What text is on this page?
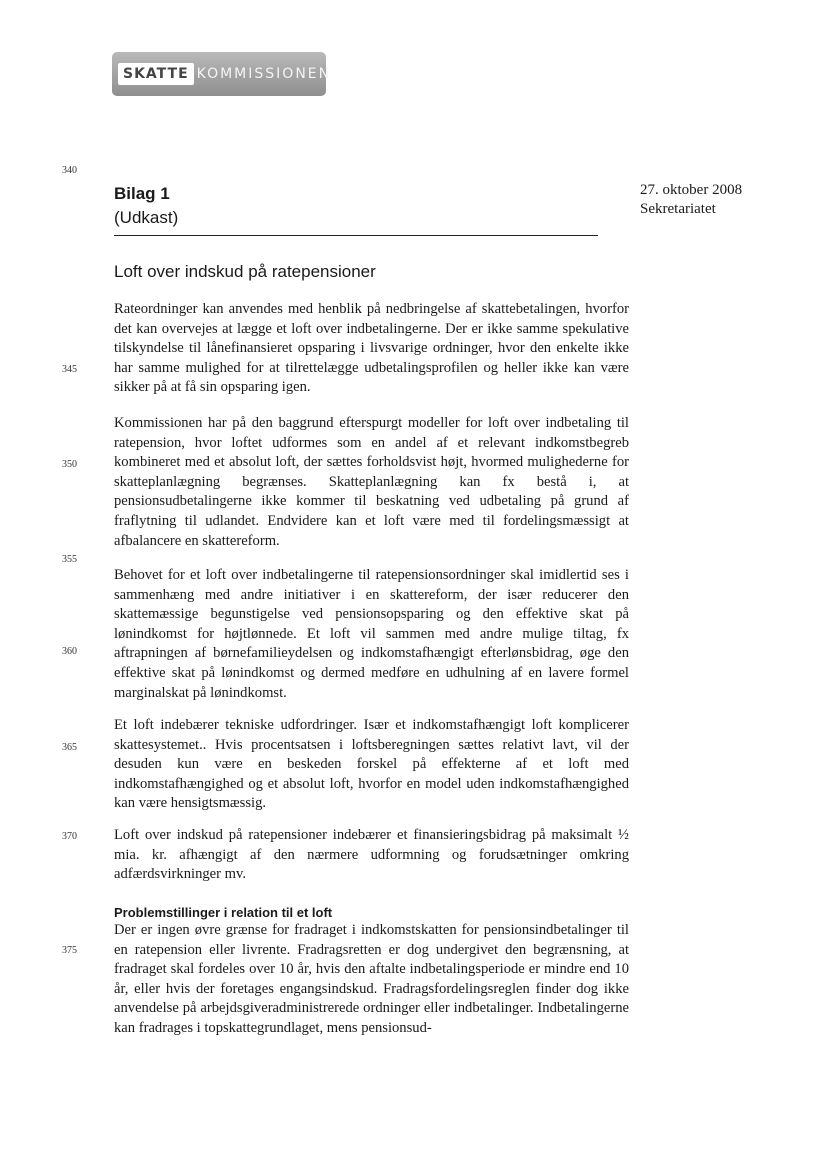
SKATTE KOMMISSIONEN
340
345
350
355
360
365
370
375
Bilag 1
(Udkast)
27. oktober 2008
Sekretariatet
Loft over indskud på ratepensioner

Rateordninger kan anvendes med henblik på nedbringelse af skattebetalingen, hvorfor det kan overvejes at lægge et loft over indbetalingerne. Der er ikke samme spekulative tilskyndelse til lånefinansieret opsparing i livsvarige ordninger, hvor den enkelte ikke har samme mulighed for at tilrettelægge udbetalingsprofilen og heller ikke kan være sikker på at få sin opsparing igen.

Kommissionen har på den baggrund efterspurgt modeller for loft over indbetaling til ratepension, hvor loftet udformes som en andel af et relevant indkomstbegreb kombineret med et absolut loft, der sættes forholdsvist højt, hvormed mulighederne for skatteplanlægning begrænses. Skatteplanlægning kan fx bestå i, at pensionsudbetalingerne ikke kommer til beskatning ved udbetaling på grund af fraflytning til udlandet. Endvidere kan et loft være med til fordelingsmæssigt at afbalancere en skattereform.

Behovet for et loft over indbetalingerne til ratepensionsordninger skal imidlertid ses i sammenhæng med andre initiativer i en skattereform, der især reducerer den skattemæssige begunstigelse ved pensionsopsparing og den effektive skat på lønindkomst for højtlønnede. Et loft vil sammen med andre mulige tiltag, fx aftrapningen af børnefamilieydelsen og indkomstafhængigt efterlønsbidrag, øge den effektive skat på lønindkomst og dermed medføre en udhulning af en lavere formel marginalskat på lønindkomst.

Et loft indebærer tekniske udfordringer. Især et indkomstafhængigt loft komplicerer skattesystemet.. Hvis procentsatsen i loftsberegningen sættes relativt lavt, vil der desuden kun være en beskeden forskel på effekterne af et loft med indkomstafhængighed og et absolut loft, hvorfor en model uden indkomstafhængighed kan være hensigtsmæssig.

Loft over indskud på ratepensioner indebærer et finansieringsbidrag på maksimalt ½ mia. kr. afhængigt af den nærmere udformning og forudsætninger omkring adfærdsvirkninger mv.

Problemstillinger i relation til et loft

Der er ingen øvre grænse for fradraget i indkomstskatten for pensionsindbetalinger til en ratepension eller livrente. Fradragsretten er dog undergivet den begrænsning, at fradraget skal fordeles over 10 år, hvis den aftalte indbetalingsperiode er mindre end 10 år, eller hvis der foretages engangsindskud. Fradragsfordelingsreglen finder dog ikke anvendelse på arbejdsgiveradministrerede ordninger eller indbetalinger. Indbetalingerne kan fradrages i topskattegrundlaget, mens pensionsud-
